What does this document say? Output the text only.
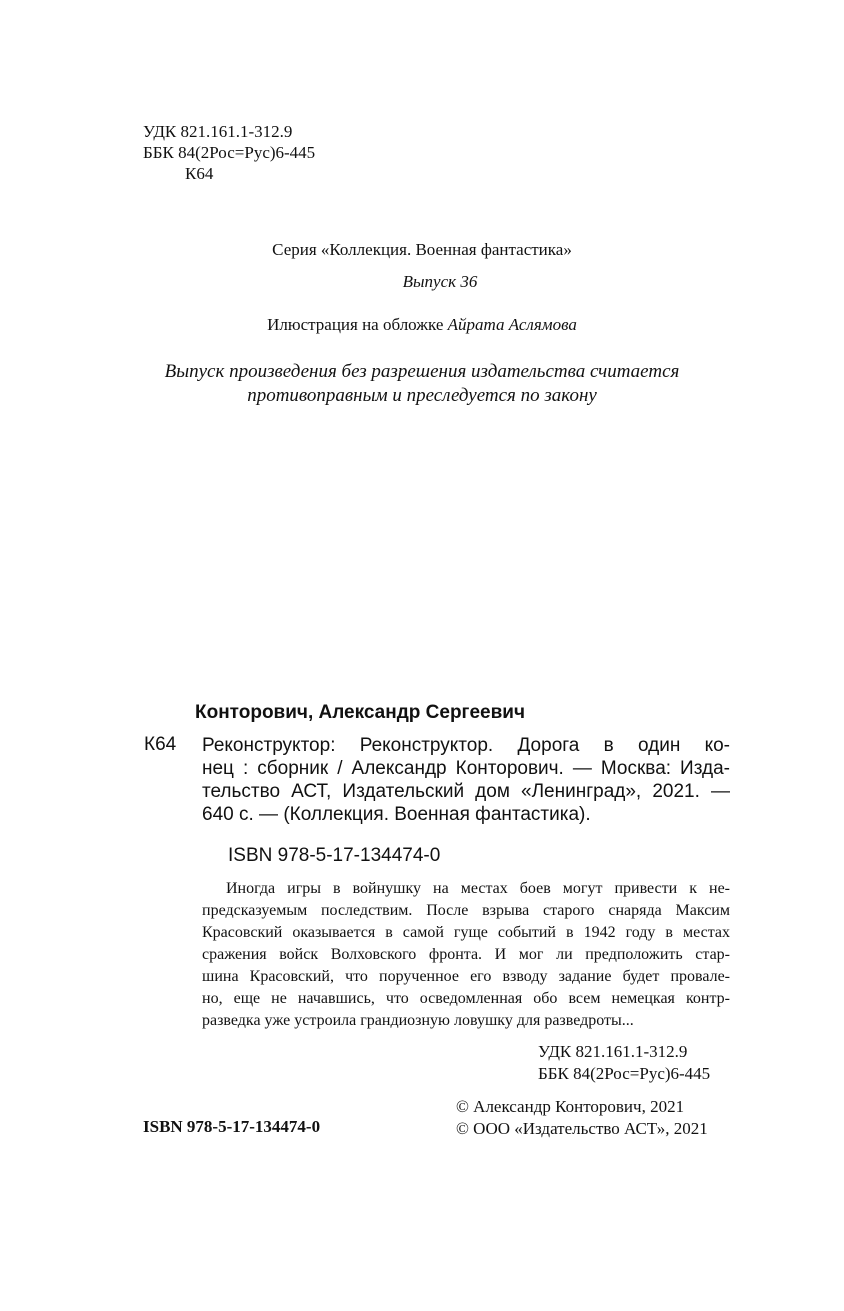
УДК 821.161.1-312.9
ББК 84(2Рос=Рус)6-445
К64
Серия «Коллекция. Военная фантастика»
Выпуск 36
Илюстрация на обложке Айрата Аслямова
Выпуск произведения без разрешения издательства считается
противоправным и преследуется по закону
Конторович, Александр Сергеевич
К64 Реконструктор: Реконструктор. Дорога в один ко-
нец : сборник / Александр Конторович. — Москва: Изда-
тельство АСТ, Издательский дом «Ленинград», 2021. —
640 с. — (Коллекция. Военная фантастика).
ISBN 978-5-17-134474-0
Иногда игры в войнушку на местах боев могут привести к не-
предсказуемым последствим. После взрыва старого снаряда Максим
Красовский оказывается в самой гуще событий в 1942 году в местах
сражения войск Волховского фронта. И мог ли предположить стар-
шина Красовский, что порученное его взводу задание будет провале-
но, еще не начавшись, что осведомленная обо всем немецкая контр-
разведка уже устроила грандиозную ловушку для разведроты...
УДК 821.161.1-312.9
ББК 84(2Рос=Рус)6-445
© Александр Конторович, 2021
© ООО «Издательство АСТ», 2021
ISBN 978-5-17-134474-0
